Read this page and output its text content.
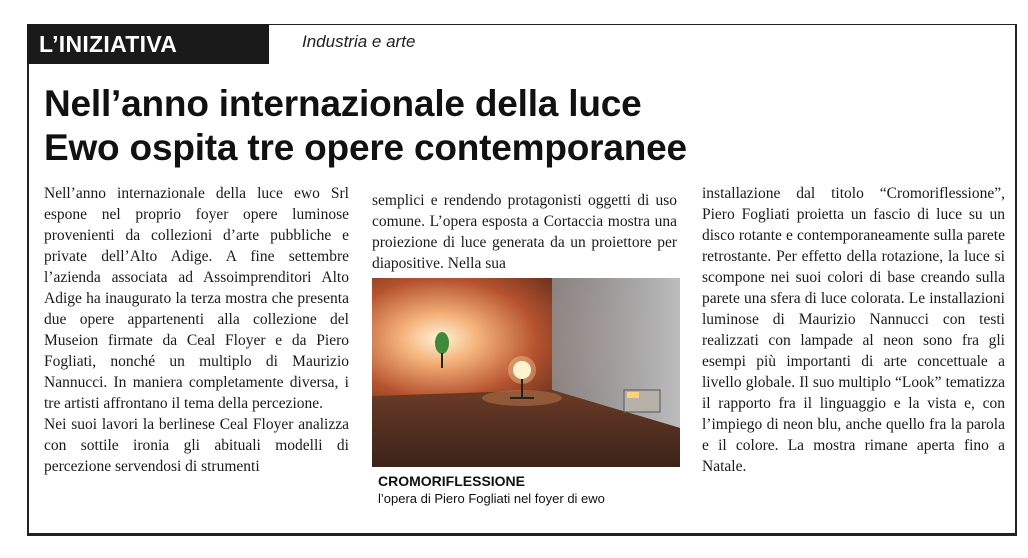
L’INIZIATIVA	Industria e arte
Nell’anno internazionale della luce
Ewo ospita tre opere contemporanee

Nell’anno internazionale della luce ewo Srl espone nel proprio foyer opere luminose provenienti da collezioni d’arte pubbliche e private dell’Alto Adige. A fine settembre l’azienda associata ad Assoimprenditori Alto Adige ha inaugurato la terza mostra che presenta due opere appartenenti alla collezione del Museion firmate da Ceal Floyer e da Piero Fogliati, nonché un multiplo di Maurizio Nannucci. In maniera completamente diversa, i tre artisti affrontano il tema della percezione.

Nei suoi lavori la berlinese Ceal Floyer analizza con sottile ironia gli abituali modelli di percezione servendosi di strumenti

semplici e rendendo protagonisti oggetti di uso comune. L’opera esposta a Cortaccia mostra una proiezione di luce generata da un proiettore per diapositive. Nella sua

CROMORIFLESSIONE
l’opera di Piero Fogliati nel foyer di ewo

installazione dal titolo “Cromoriflessione”, Piero Fogliati proietta un fascio di luce su un disco rotante e contemporaneamente sulla parete retrostante. Per effetto della rotazione, la luce si scompone nei suoi colori di base creando sulla parete una sfera di luce colorata. Le installazioni luminose di Maurizio Nannucci con testi realizzati con lampade al neon sono fra gli esempi più importanti di arte concettuale a livello globale. Il suo multiplo “Look” tematizza il rapporto fra il linguaggio e la vista e, con l’impiego di neon blu, anche quello fra la parola e il colore. La mostra rimane aperta fino a Natale.
